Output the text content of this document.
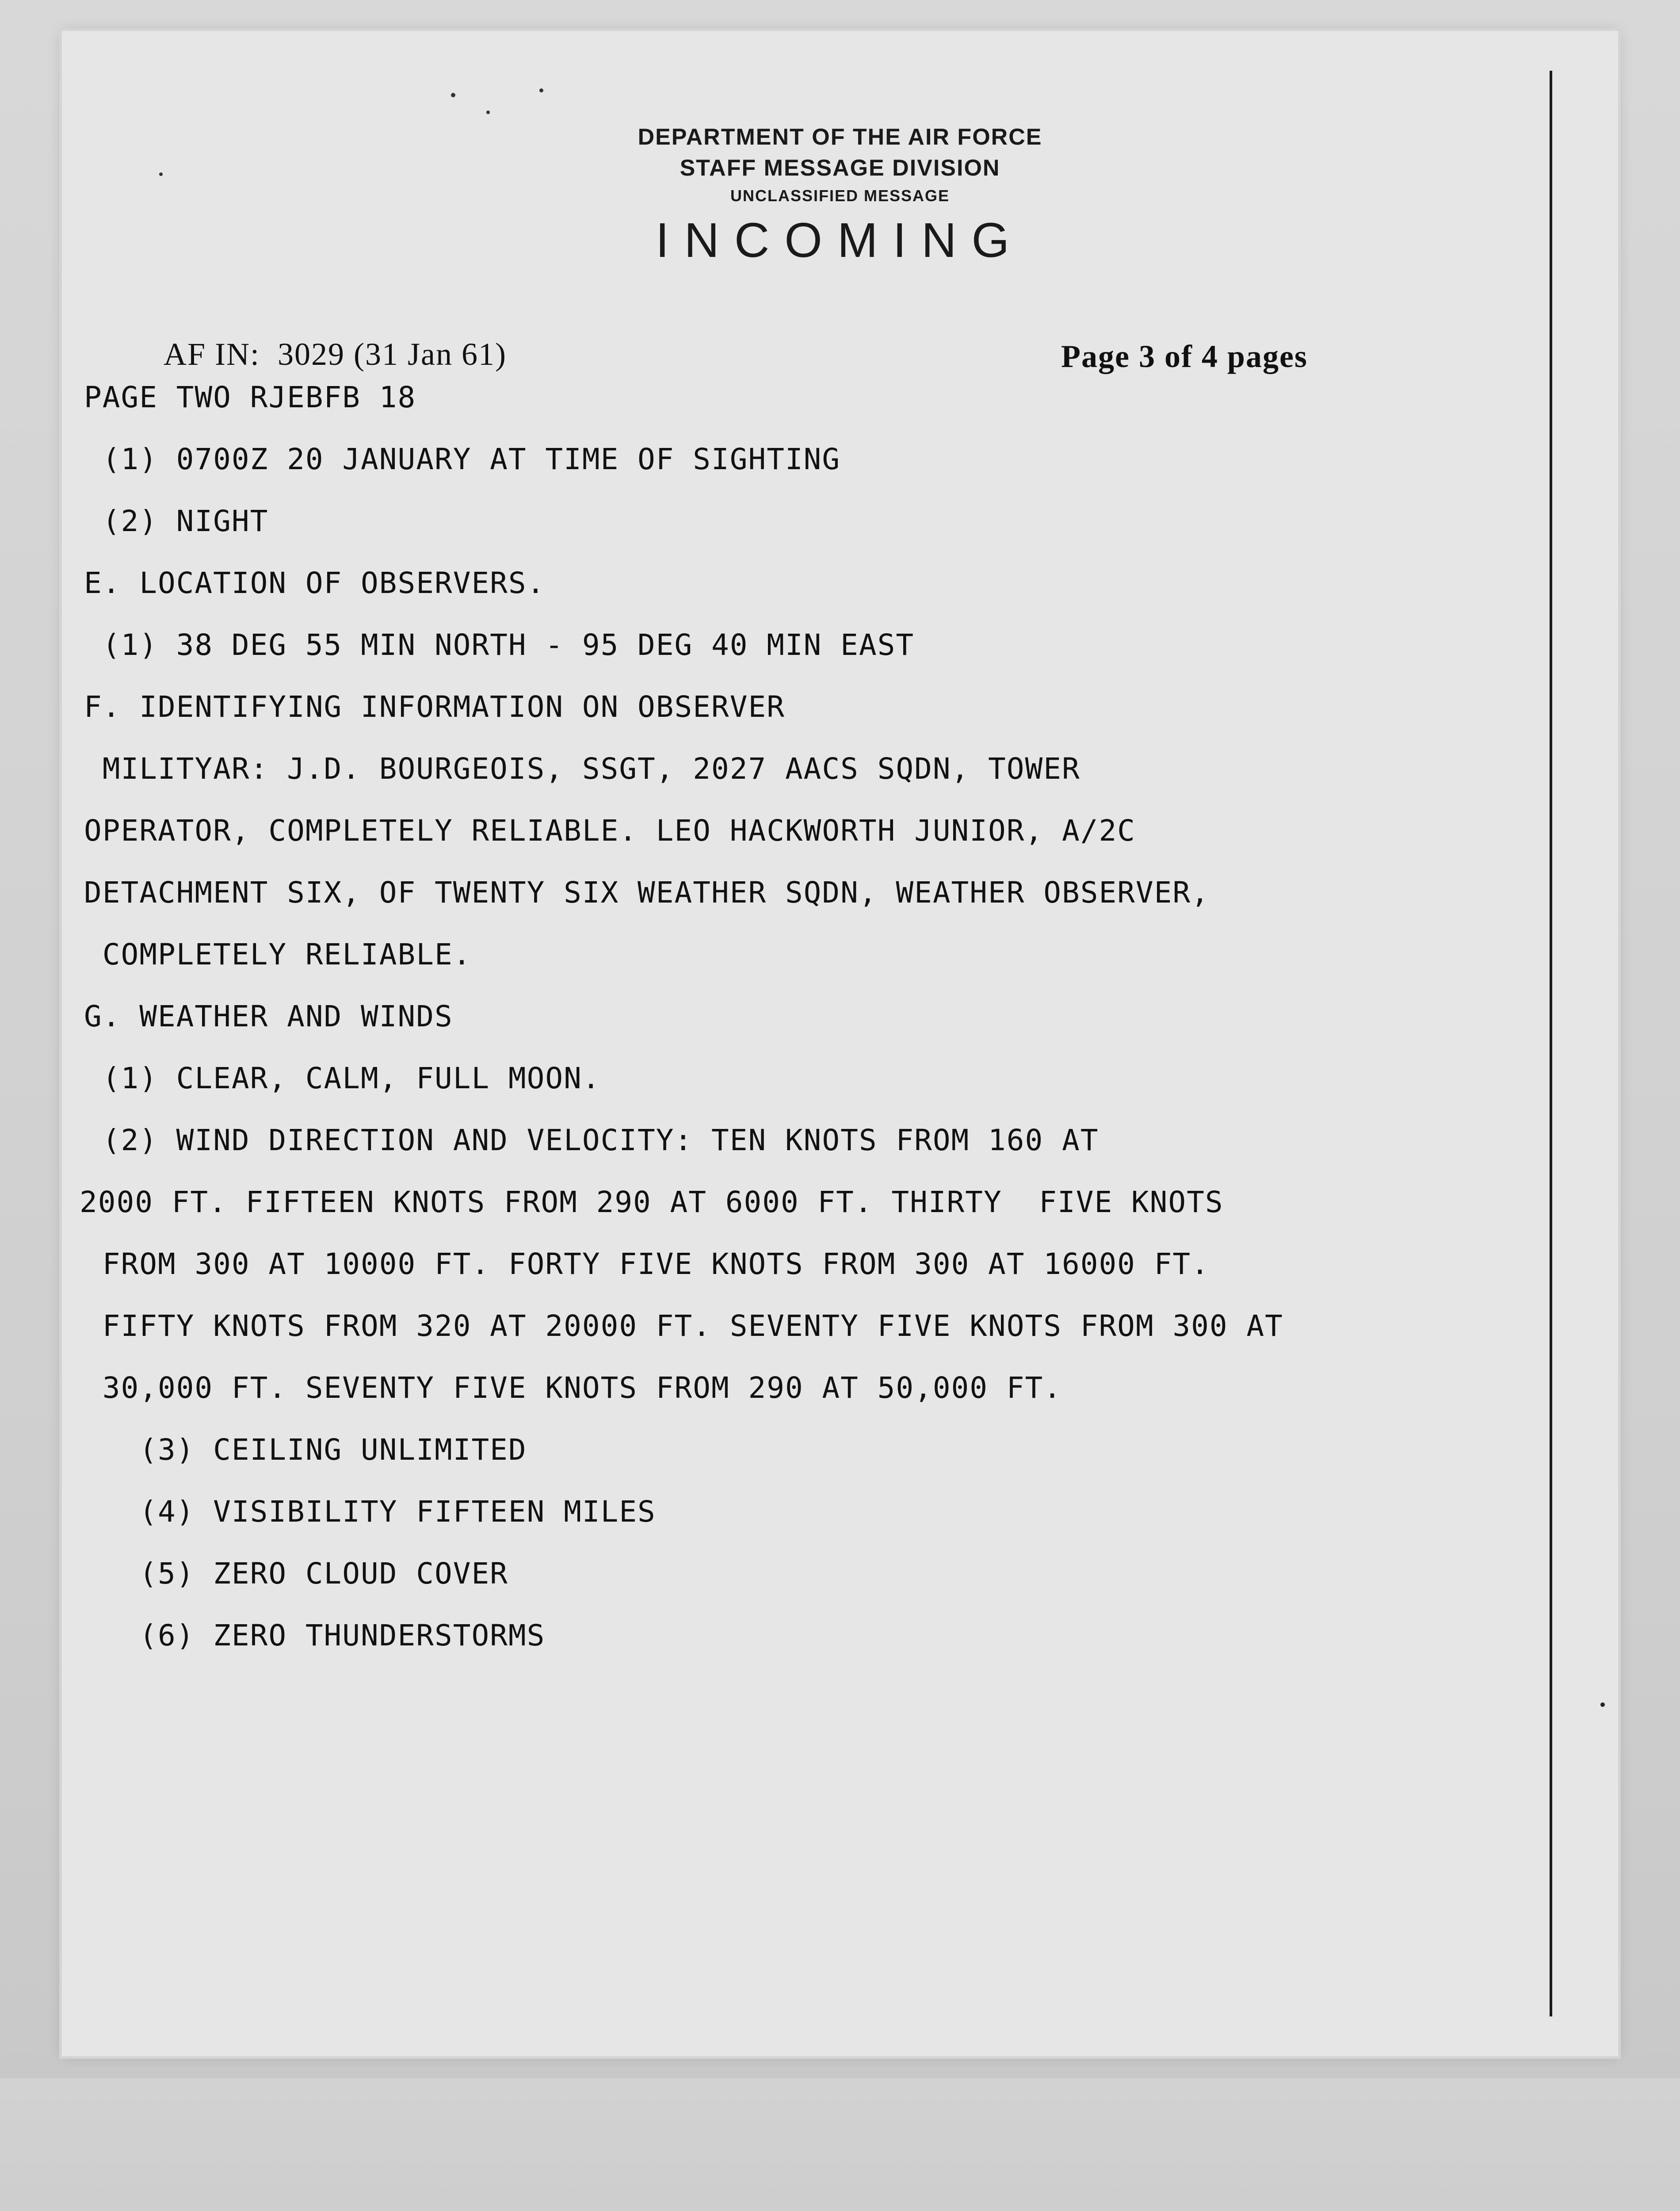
DEPARTMENT OF THE AIR FORCE
STAFF MESSAGE DIVISION
UNCLASSIFIED MESSAGE
INCOMING
AF IN:  3029 (31 Jan 61)	Page 3 of 4 pages
PAGE TWO RJEBFB 18
(1) 0700Z 20 JANUARY AT TIME OF SIGHTING
(2) NIGHT
E. LOCATION OF OBSERVERS.
(1) 38 DEG 55 MIN NORTH - 95 DEG 40 MIN EAST
F. IDENTIFYING INFORMATION ON OBSERVER
MILITYAR: J.D. BOURGEOIS, SSGT, 2027 AACS SQDN, TOWER
OPERATOR, COMPLETELY RELIABLE. LEO HACKWORTH JUNIOR, A/2C
DETACHMENT SIX, OF TWENTY SIX WEATHER SQDN, WEATHER OBSERVER,
COMPLETELY RELIABLE.
G. WEATHER AND WINDS
(1) CLEAR, CALM, FULL MOON.
(2) WIND DIRECTION AND VELOCITY: TEN KNOTS FROM 160 AT
2000 FT. FIFTEEN KNOTS FROM 290 AT 6000 FT. THIRTY  FIVE KNOTS
FROM 300 AT 10000 FT. FORTY FIVE KNOTS FROM 300 AT 16000 FT.
FIFTY KNOTS FROM 320 AT 20000 FT. SEVENTY FIVE KNOTS FROM 300 AT
30,000 FT. SEVENTY FIVE KNOTS FROM 290 AT 50,000 FT.
(3) CEILING UNLIMITED
(4) VISIBILITY FIFTEEN MILES
(5) ZERO CLOUD COVER
(6) ZERO THUNDERSTORMS
